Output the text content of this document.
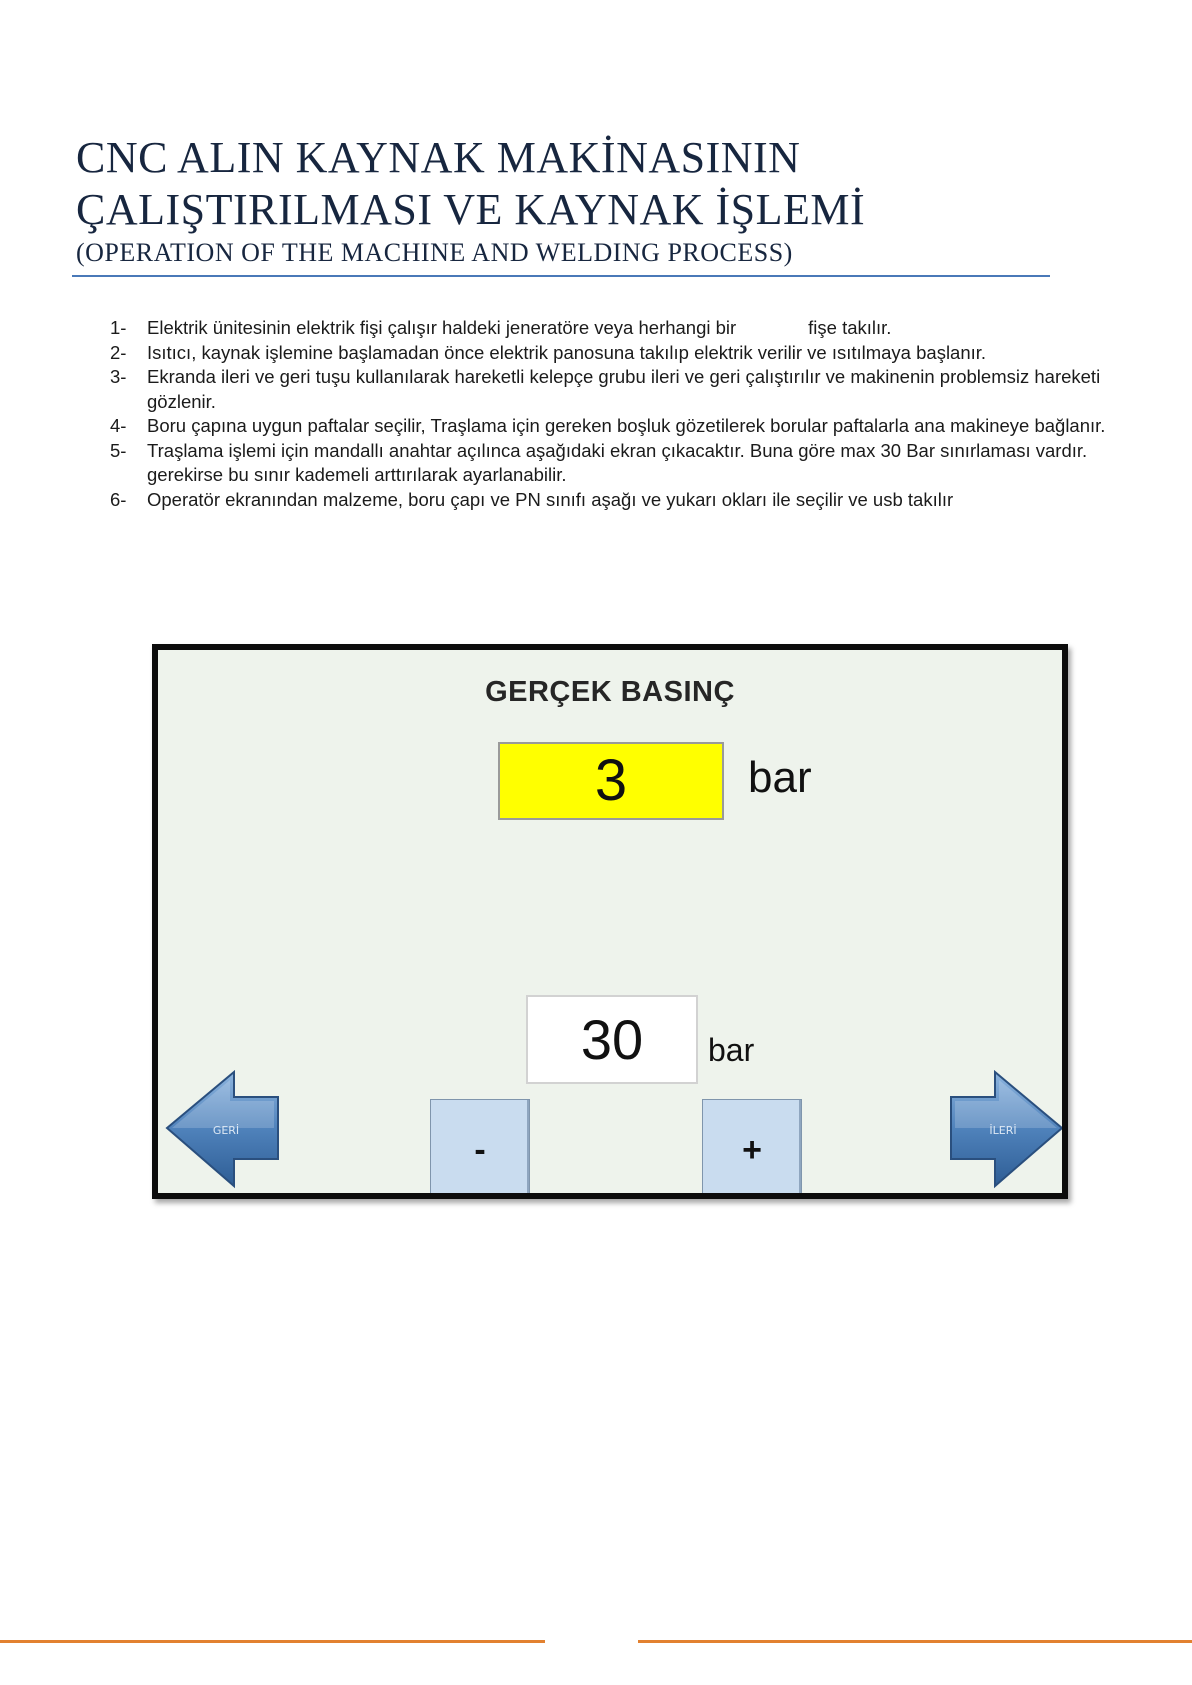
CNC ALIN KAYNAK MAKİNASININ
ÇALIŞTIRILMASI VE KAYNAK İŞLEMİ
(OPERATION OF THE MACHINE AND WELDING PROCESS)
1-	Elektrik ünitesinin elektrik fişi çalışır haldeki jeneratöre veya herhangi bir              fişe takılır.
2-	Isıtıcı, kaynak işlemine başlamadan önce elektrik panosuna takılıp elektrik verilir ve ısıtılmaya başlanır.
3-	Ekranda ileri ve geri tuşu kullanılarak hareketli kelepçe grubu ileri ve geri çalıştırılır ve makinenin problemsiz hareketi gözlenir.
4-	Boru çapına uygun paftalar seçilir, Traşlama için gereken boşluk gözetilerek borular paftalarla ana makineye bağlanır.
5-	Traşlama işlemi için mandallı anahtar açılınca aşağıdaki ekran çıkacaktır. Buna göre max 30 Bar sınırlaması vardır. gerekirse bu sınır kademeli arttırılarak ayarlanabilir.
6-	Operatör ekranından malzeme, boru çapı ve PN sınıfı aşağı ve yukarı okları ile seçilir ve usb takılır
GERÇEK BASINÇ
3	bar
30	bar
-	+
GERİ	İLERİ
